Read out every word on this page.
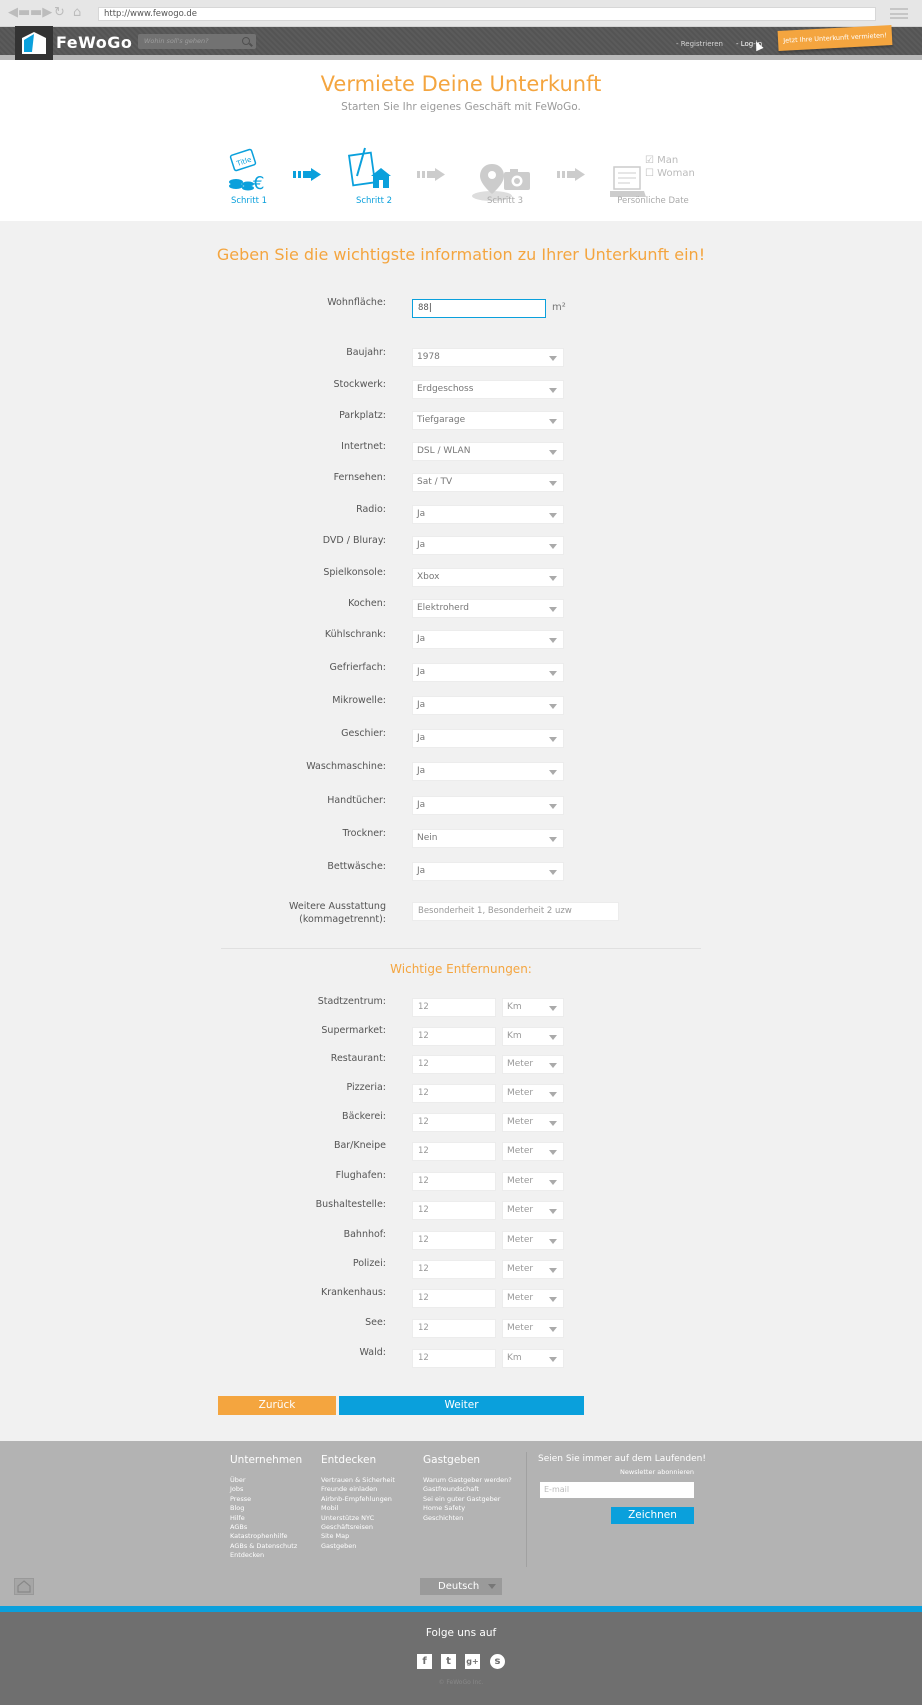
◀▬ ▬▶ ↻ ⌂	http://www.fewogo.de
FeWoGo	Wohin soll's gehen?	- Registrieren - Log-in	Jetzt Ihre Unterkunft vermieten!
Vermiete Deine Unterkunft
Starten Sie Ihr eigenes Geschäft mit FeWoGo.
Title
€
Schritt 1	Schritt 2	Schritt 3
☑ Man
☐ Woman
Persönliche Date
Geben Sie die wichtigste information zu Ihrer Unterkunft ein!
Wohnfläche:	88|	m²
Baujahr:	1978
Stockwerk:	Erdgeschoss
Parkplatz:	Tiefgarage
Intertnet:	DSL / WLAN
Fernsehen:	Sat / TV
Radio:	Ja
DVD / Bluray:	Ja
Spielkonsole:	Xbox
Kochen:	Elektroherd
Kühlschrank:	Ja
Gefrierfach:	Ja
Mikrowelle:	Ja
Geschier:	Ja
Waschmaschine:	Ja
Handtücher:	Ja
Trockner:	Nein
Bettwäsche:	Ja
Weitere Ausstattung
(kommagetrennt):
Besonderheit 1, Besonderheit 2 uzw
Wichtige Entfernungen:
Stadtzentrum:	12	Km
Supermarket:	12	Km
Restaurant:	12	Meter
Pizzeria:	12	Meter
Bäckerei:	12	Meter
Bar/Kneipe	12	Meter
Flughafen:	12	Meter
Bushaltestelle:	12	Meter
Bahnhof:	12	Meter
Polizei:	12	Meter
Krankenhaus:	12	Meter
See:	12	Meter
Wald:	12	Km
Zurück	Weiter
Unternehmen Entdecken	Gastgeben
Über
Jobs
Presse
Blog
Hilfe
AGBs
Katastrophenhilfe
AGBs & Datenschutz
Entdecken
Vertrauen & Sicherheit
Freunde einladen
Airbnb-Empfehlungen
Mobil
Unterstütze NYC
Geschäftsreisen
Site Map
Gastgeben
Warum Gastgeber werden?
Gastfreundschaft
Sei ein guter Gastgeber
Home Safety
Geschichten
Seien Sie immer auf dem Laufenden!
Newsletter abonnieren
E-mail
Zeichnen
Deutsch
Folge uns auf
f	t	g+	s
© FeWoGo Inc.
